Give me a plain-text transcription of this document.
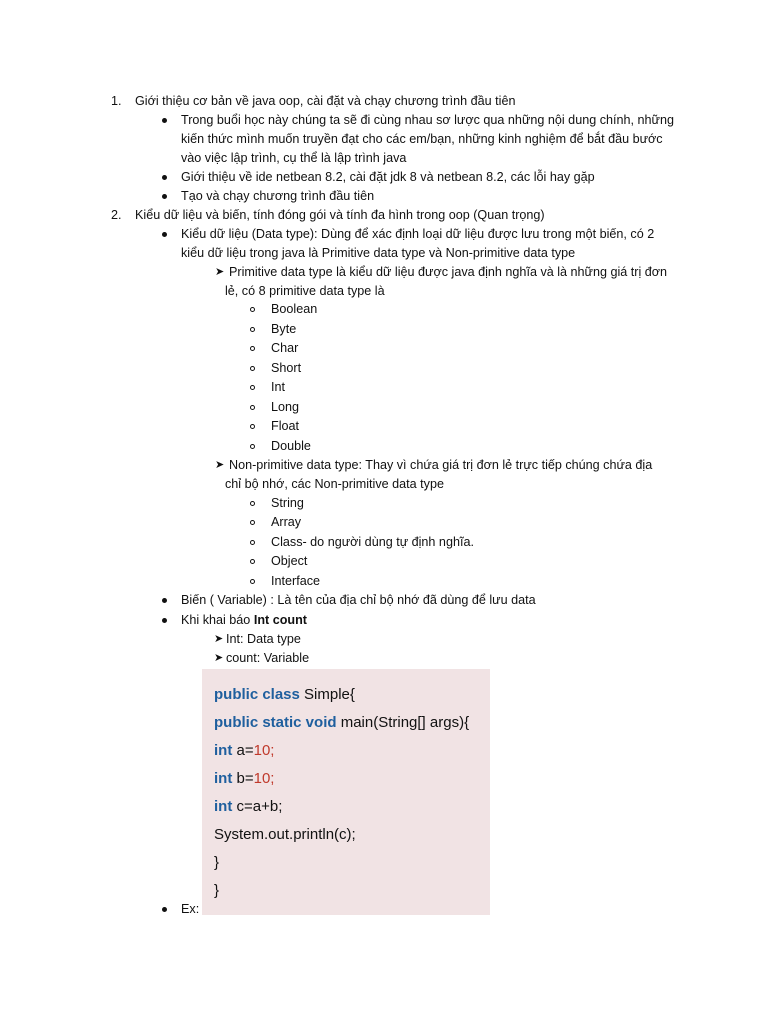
1. Giới thiệu cơ bản về java oop, cài đặt và chạy chương trình đầu tiên
Trong buổi học này chúng ta sẽ đi cùng nhau sơ lược qua những nội dung chính, những
kiến thức mình muốn truyền đạt cho các em/bạn, những kinh nghiệm để bắt đầu bước
vào việc lập trình, cụ thể là lập trình java
Giới thiệu về ide netbean 8.2, cài đặt jdk 8 và netbean 8.2, các lỗi hay gặp
Tạo và chạy chương trình đầu tiên
2. Kiểu dữ liệu và biến, tính đóng gói và tính đa hình trong oop (Quan trọng)
Kiểu dữ liệu (Data type): Dùng để xác định loại dữ liệu được lưu trong một biến, có 2
kiểu dữ liệu trong java là Primitive data type và Non-primitive data type
➤ Primitive data type là kiểu dữ liệu được java định nghĩa và là những giá trị đơn
lẻ, có 8 primitive data type là
Boolean
Byte
Char
Short
Int
Long
Float
Double
➤ Non-primitive data type: Thay vì chứa giá trị đơn lẻ trực tiếp chúng chứa địa
chỉ bộ nhớ, các Non-primitive data type
String
Array
Class- do người dùng tự định nghĩa.
Object
Interface
Biến ( Variable) : Là tên của địa chỉ bộ nhớ đã dùng để lưu data
Khi khai báo Int count
➤ Int: Data type
➤ count: Variable
public class Simple{
public static void main(String[] args){
int a=10;
int b=10;
int c=a+b;
System.out.println(c);
}
}
Ex:
